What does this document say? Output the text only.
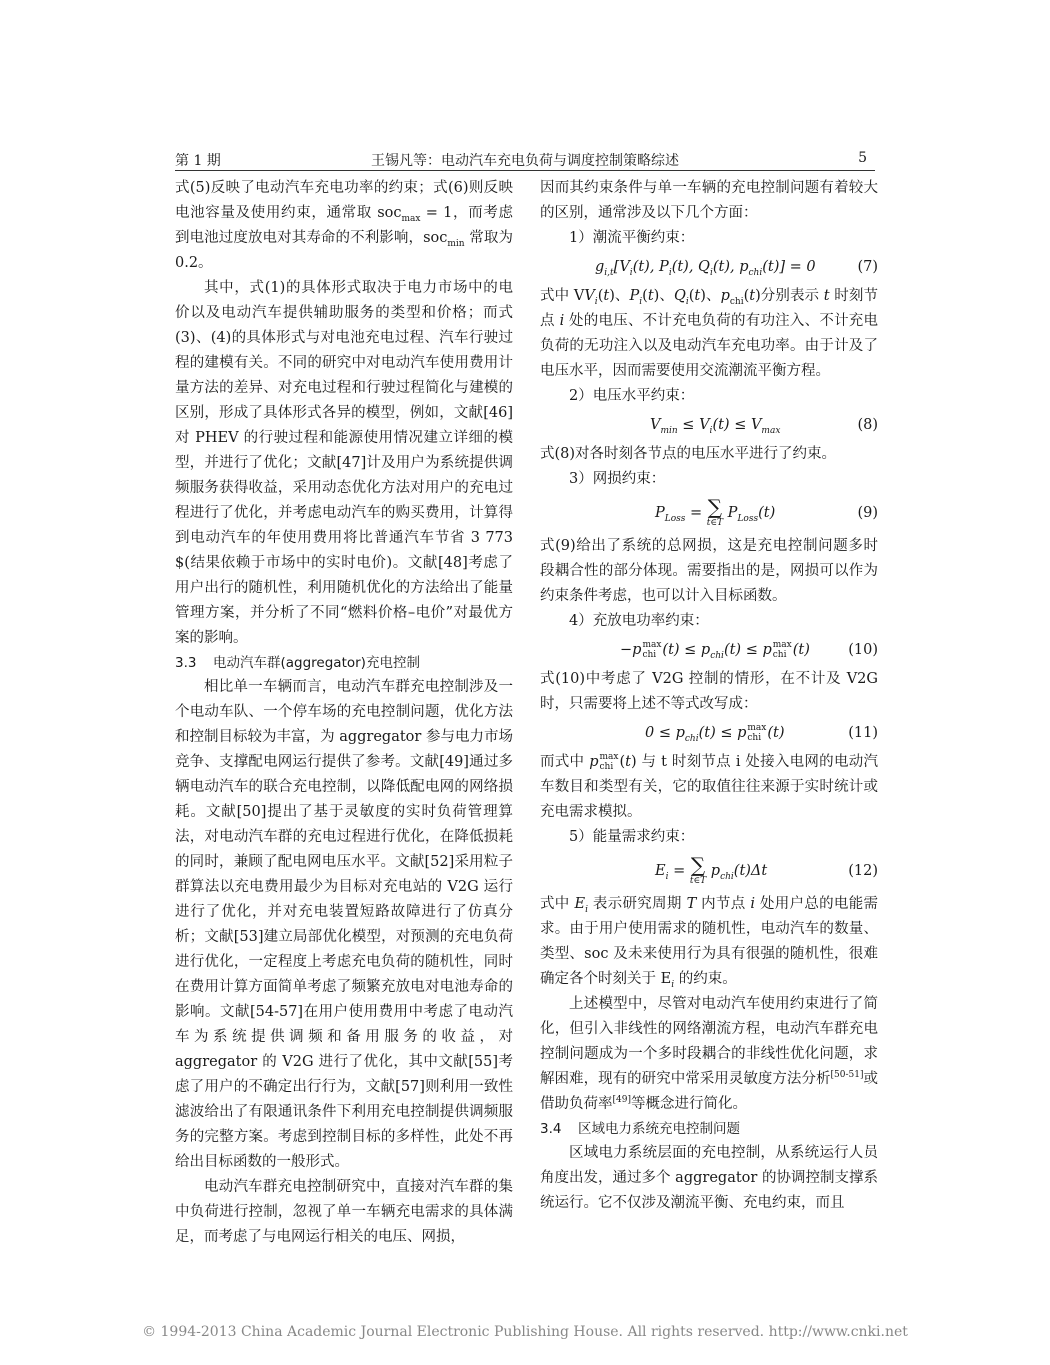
第 1 期	王锡凡等：电动汽车充电负荷与调度控制策略综述	5

式(5)反映了电动汽车充电功率的约束；式(6)则反映电池容量及使用约束，通常取 soc$_{max}$ = 1，而考虑到电池过度放电对其寿命的不利影响，soc$_{min}$ 常取为 0.2。

其中，式(1)的具体形式取决于电力市场中的电价以及电动汽车提供辅助服务的类型和价格；而式(3)、(4)的具体形式与对电池充电过程、汽车行驶过程的建模有关。不同的研究中对电动汽车使用费用计量方法的差异、对充电过程和行驶过程简化与建模的区别，形成了具体形式各异的模型，例如，文献[46]对 PHEV 的行驶过程和能源使用情况建立详细的模型，并进行了优化；文献[47]计及用户为系统提供调频服务获得收益，采用动态优化方法对用户的充电过程进行了优化，并考虑电动汽车的购买费用，计算得到电动汽车的年使用费用将比普通汽车节省 3 773 $(结果依赖于市场中的实时电价)。文献[48]考虑了用户出行的随机性，利用随机优化的方法给出了能量管理方案，并分析了不同“燃料价格–电价”对最优方案的影响。

3.3 电动汽车群(aggregator)充电控制

相比单一车辆而言，电动汽车群充电控制涉及一个电动车队、一个停车场的充电控制问题，优化方法和控制目标较为丰富，为 aggregator 参与电力市场竞争、支撑配电网运行提供了参考。文献[49]通过多辆电动汽车的联合充电控制，以降低配电网的网络损耗。文献[50]提出了基于灵敏度的实时负荷管理算法，对电动汽车群的充电过程进行优化，在降低损耗的同时，兼顾了配电网电压水平。文献[52]采用粒子群算法以充电费用最少为目标对充电站的 V2G 运行进行了优化，并对充电装置短路故障进行了仿真分析；文献[53]建立局部优化模型，对预测的充电负荷进行优化，一定程度上考虑充电负荷的随机性，同时在费用计算方面简单考虑了频繁充放电对电池寿命的影响。文献[54-57]在用户使用费用中考虑了电动汽车为系统提供调频和备用服务的收益，对 aggregator 的 V2G 进行了优化，其中文献[55]考虑了用户的不确定出行行为，文献[57]则利用一致性滤波给出了有限通讯条件下利用充电控制提供调频服务的完整方案。考虑到控制目标的多样性，此处不再给出目标函数的一般形式。

电动汽车群充电控制研究中，直接对汽车群的集中负荷进行控制，忽视了单一车辆充电需求的具体满足，而考虑了与电网运行相关的电压、网损，

因而其约束条件与单一车辆的充电控制问题有着较大的区别，通常涉及以下几个方面：

1）潮流平衡约束：

$g_{i,t}[V_i(t)$, $P_i(t)$, $Q_i(t)$, $p_{chi}(t)] = 0$	(7)

式中 $VV_i(t)$、$P_i(t)$、$Q_i(t)$、$p_{chi}(t)$分别表示 t 时刻节点 i 处的电压、不计充电负荷的有功注入、不计充电负荷的无功注入以及电动汽车充电功率。由于计及了电压水平，因而需要使用交流潮流平衡方程。

2）电压水平约束：

$V_{min} \le V_i(t) \le V_{max}$	(8)

式(8)对各时刻各节点的电压水平进行了约束。

3）网损约束：

$P_{Loss}$ = ∑
t∈T
$P_{Loss}(t)$	(9)

式(9)给出了系统的总网损，这是充电控制问题多时段耦合性的部分体现。需要指出的是，网损可以作为约束条件考虑，也可以计入目标函数。

4）充放电功率约束：

−p max
chi $(t) \le p_{chi}(t) \le p$ max
chi (t)	(10)

式(10)中考虑了 V2G 控制的情形，在不计及 V2G 时，只需要将上述不等式改写成：

$0 \le p_{chi}(t) \le p$ max
chi (t)	(11)

而式中 p max
chi (t) 与 t 时刻节点 i 处接入电网的电动汽车数目和类型有关，它的取值往往来源于实时统计或充电需求模拟。

5）能量需求约束：

$E_i$ = ∑
t∈T
$p_{chi}(t)\Delta t$	(12)

式中 $E_i$ 表示研究周期 T 内节点 i 处用户总的电能需求。由于用户使用需求的随机性，电动汽车的数量、类型、soc 及未来使用行为具有很强的随机性，很难确定各个时刻关于 $E_i$ 的约束。

上述模型中，尽管对电动汽车使用约束进行了简化，但引入非线性的网络潮流方程，电动汽车群充电控制问题成为一个多时段耦合的非线性优化问题，求解困难，现有的研究中常采用灵敏度方法分析[50-51]或借助负荷率[49]等概念进行简化。

3.4 区域电力系统充电控制问题

区域电力系统层面的充电控制，从系统运行人员角度出发，通过多个 aggregator 的协调控制支撑系统运行。它不仅涉及潮流平衡、充电约束，而且

© 1994-2013 China Academic Journal Electronic Publishing House. All rights reserved. http://www.cnki.net
